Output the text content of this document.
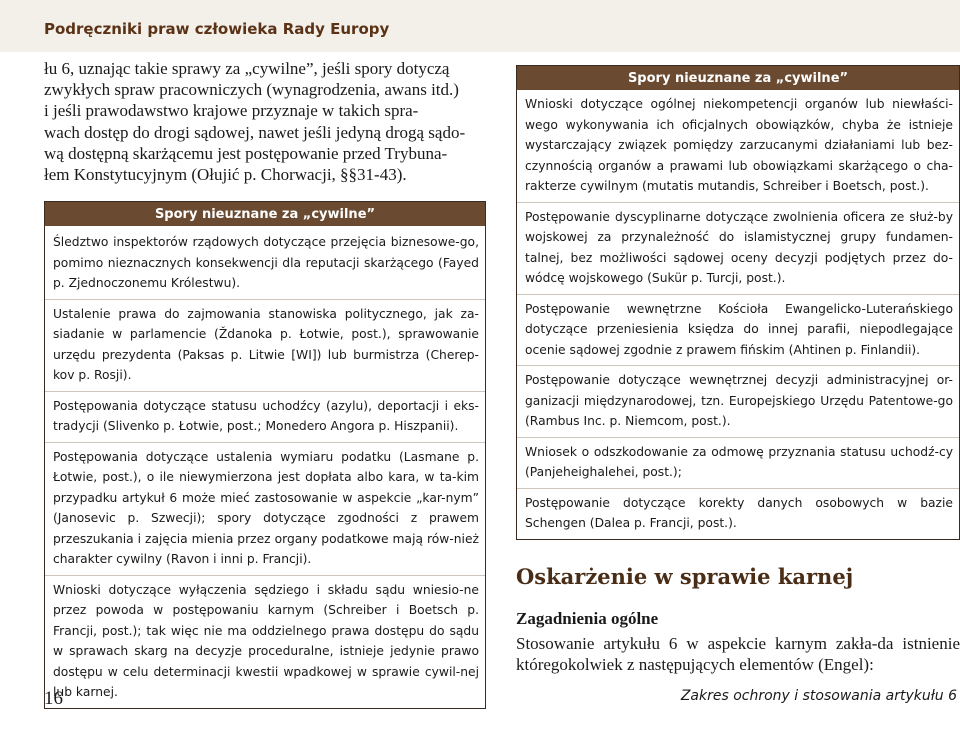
Podręczniki praw człowieka Rady Europy

łu 6, uznając takie sprawy za „cywilne”, jeśli spory dotyczą
zwykłych spraw pracowniczych (wynagrodzenia, awans itd.)
i jeśli prawodawstwo krajowe przyznaje w takich spra-
wach dostęp do drogi sądowej, nawet jeśli jedyną drogą sądo-
wą dostępną skarżącemu jest postępowanie przed Trybuna-
łem Konstytucyjnym (Ołujić p. Chorwacji, §§31-43).

Spory nieuznane za „cywilne”
Śledztwo inspektorów rządowych dotyczące przejęcia biznesowe-go, pomimo nieznacznych konsekwencji dla reputacji skarżącego (Fayed p. Zjednoczonemu Królestwu).
Ustalenie prawa do zajmowania stanowiska politycznego, jak za-siadanie w parlamencie (Ždanoka p. Łotwie, post.), sprawowanie urzędu prezydenta (Paksas p. Litwie [WI]) lub burmistrza (Cherep-kov p. Rosji).
Postępowania dotyczące statusu uchodźcy (azylu), deportacji i eks-tradycji (Slivenko p. Łotwie, post.; Monedero Angora p. Hiszpanii).
Postępowania dotyczące ustalenia wymiaru podatku (Lasmane p. Łotwie, post.), o ile niewymierzona jest dopłata albo kara, w ta-kim przypadku artykuł 6 może mieć zastosowanie w aspekcie „kar-nym” (Janosevic p. Szwecji); spory dotyczące zgodności z prawem przeszukania i zajęcia mienia przez organy podatkowe mają rów-nież charakter cywilny (Ravon i inni p. Francji).
Wnioski dotyczące wyłączenia sędziego i składu sądu wniesio-ne przez powoda w postępowaniu karnym (Schreiber i Boetsch p. Francji, post.); tak więc nie ma oddzielnego prawa dostępu do sądu w sprawach skarg na decyzje proceduralne, istnieje jedynie prawo dostępu w celu determinacji kwestii wpadkowej w sprawie cywil-nej lub karnej.
Spory nieuznane za „cywilne”
Wnioski dotyczące ogólnej niekompetencji organów lub niewłaści-wego wykonywania ich oficjalnych obowiązków, chyba że istnieje wystarczający związek pomiędzy zarzucanymi działaniami lub bez-czynnością organów a prawami lub obowiązkami skarżącego o cha-rakterze cywilnym (mutatis mutandis, Schreiber i Boetsch, post.).
Postępowanie dyscyplinarne dotyczące zwolnienia oficera ze służ-by wojskowej za przynależność do islamistycznej grupy fundamen-talnej, bez możliwości sądowej oceny decyzji podjętych przez do-wódcę wojskowego (Sukür p. Turcji, post.).
Postępowanie wewnętrzne Kościoła Ewangelicko-Luterańskiego dotyczące przeniesienia księdza do innej parafii, niepodlegające ocenie sądowej zgodnie z prawem fińskim (Ahtinen p. Finlandii).
Postępowanie dotyczące wewnętrznej decyzji administracyjnej or-ganizacji międzynarodowej, tzn. Europejskiego Urzędu Patentowe-go (Rambus Inc. p. Niemcom, post.).
Wniosek o odszkodowanie za odmowę przyznania statusu uchodź-cy (Panjeheighalehei, post.);
Postępowanie dotyczące korekty danych osobowych w bazie Schengen (Dalea p. Francji, post.).
Oskarżenie w sprawie karnej
Zagadnienia ogólne

Stosowanie artykułu 6 w aspekcie karnym zakła-da istnienie któregokolwiek z następujących elementów (Engel):

16	Zakres ochrony i stosowania artykułu 6
